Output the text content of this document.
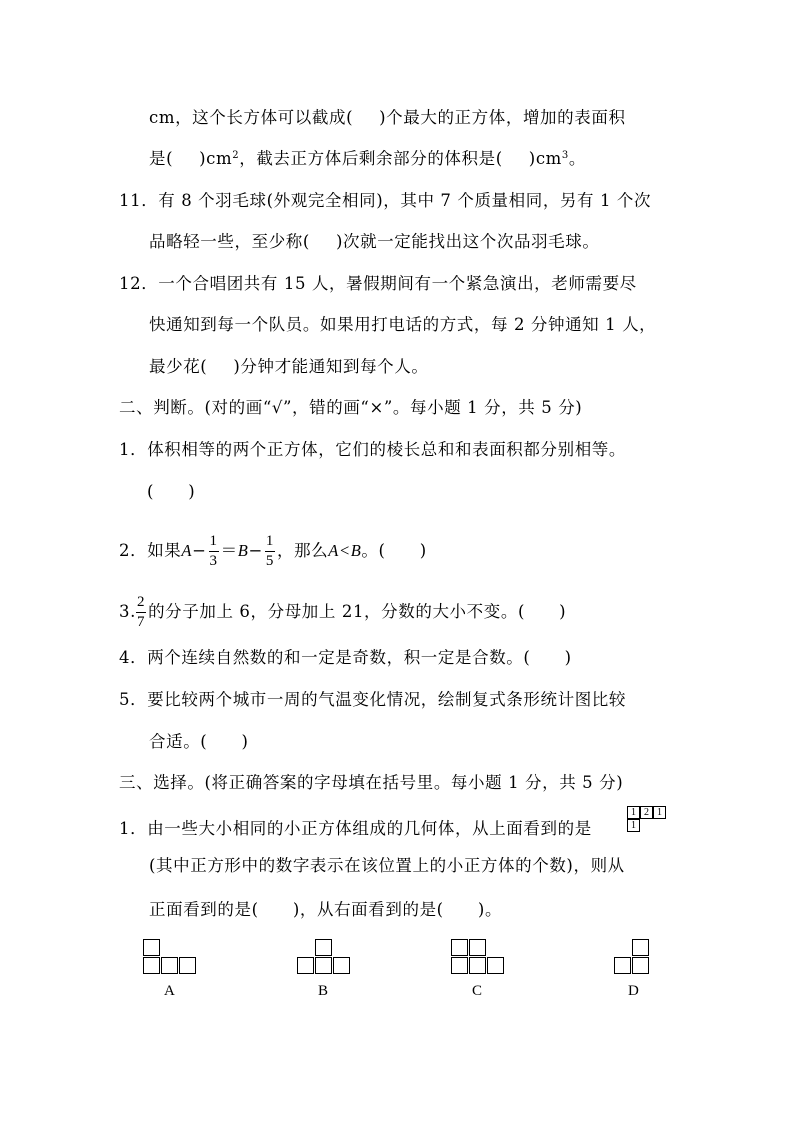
cm，这个长方体可以截成( )个最大的正方体，增加的表面积
是( )$cm^2$，截去正方体后剩余部分的体积是( )$cm^3$。
11．有 8 个羽毛球(外观完全相同)，其中 7 个质量相同，另有 1 个次
品略轻一些，至少称( )次就一定能找出这个次品羽毛球。
12．一个合唱团共有 15 人，暑假期间有一个紧急演出，老师需要尽
快通知到每一个队员。如果用打电话的方式，每 2 分钟通知 1 人，
最少花( )分钟才能通知到每个人。
二、判断。(对的画“√”，错的画“×”。每小题 1 分，共 5 分)
1．体积相等的两个正方体，它们的棱长总和和表面积都分别相等。
(　　)
2．如果$A- \frac{1}{3} =B- \frac{1}{5}$ ，那么A<B。(　　)
3. $\frac{2}{7}$ 的分子加上 6，分母加上 21，分数的大小不变。(　　)
4．两个连续自然数的和一定是奇数，积一定是合数。(　　)
5．要比较两个城市一周的气温变化情况，绘制复式条形统计图比较
合适。(　　)
三、选择。(将正确答案的字母填在括号里。每小题 1 分，共 5 分)
1．由一些大小相同的小正方体组成的几何体，从上面看到的是
1 2 1
1
(其中正方形中的数字表示在该位置上的小正方体的个数)，则从
正面看到的是(　　)，从右面看到的是(　　)。
A	B	C	D
